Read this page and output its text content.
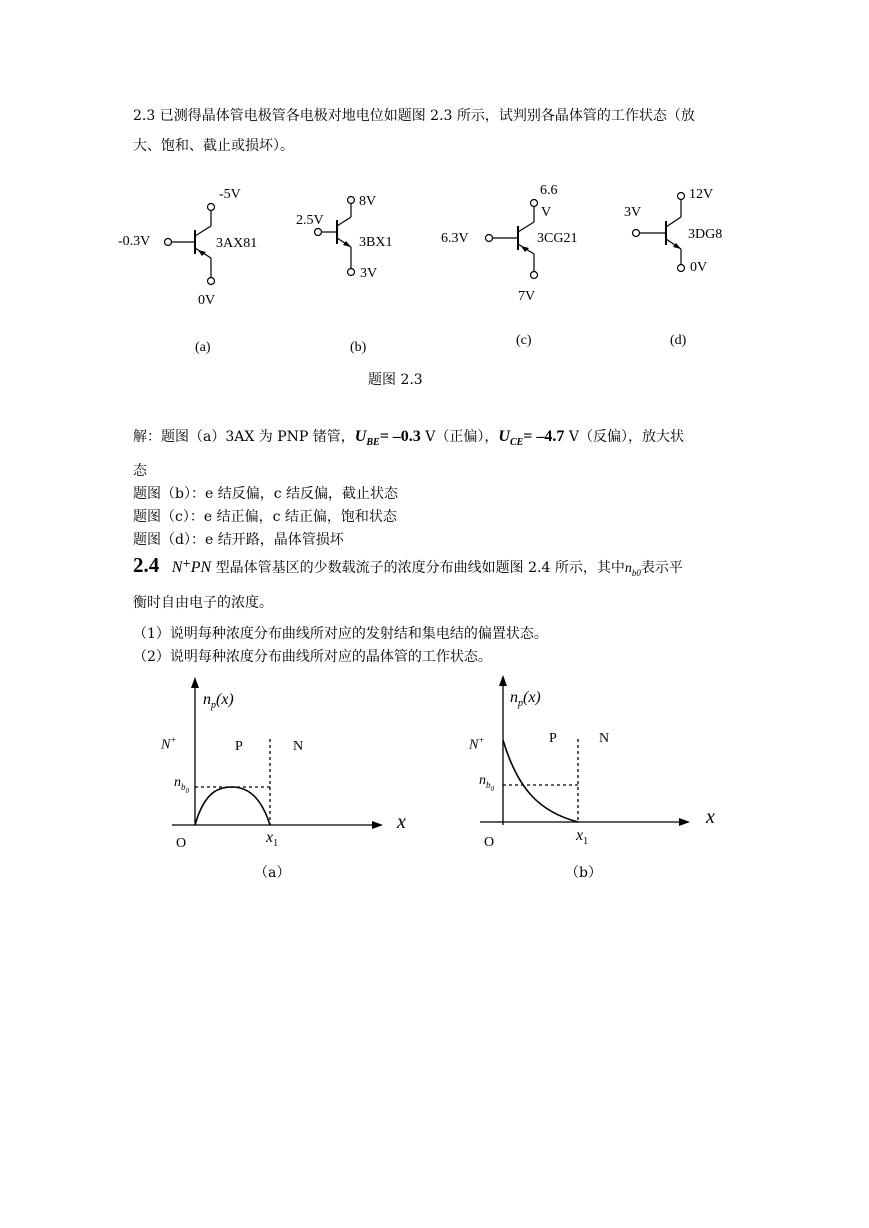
2.3 已测得晶体管电极管各电极对地电位如题图 2.3 所示，试判别各晶体管的工作状态（放
大、饱和、截止或损坏）。
-5V
-0.3V	3AX81
0V
(a)
8V
2.5V
3BX1
3V
(b)
6.6
V
6.3V	3CG21
7V
(c)
12V
3V
3DG8
0V
(d)
题图 2.3
解：题图（a）3AX 为 PNP 锗管，$U_{BE}= -0.3$ V（正偏），$U_{CE}= -4.7$ V（反偏），放大状
态
题图（b）：e 结反偏，c 结反偏，截止状态
题图（c）：e 结正偏，c 结正偏，饱和状态
题图（d）：e 结开路，晶体管损坏
2.4 N+PN 型晶体管基区的少数载流子的浓度分布曲线如题图 2.4 所示，其中$n_{b0}$表示平
衡时自由电子的浓度。
（1）说明每种浓度分布曲线所对应的发射结和集电结的偏置状态。
（2）说明每种浓度分布曲线所对应的晶体管的工作状态。
$n_p(x)$
N+	P	N
$n_{b_0}$
$x_1$
x
O
（a）
$n_p(x)$
N+	P	N
$n_{b_0}$
$x_1$
x
O
（b）
